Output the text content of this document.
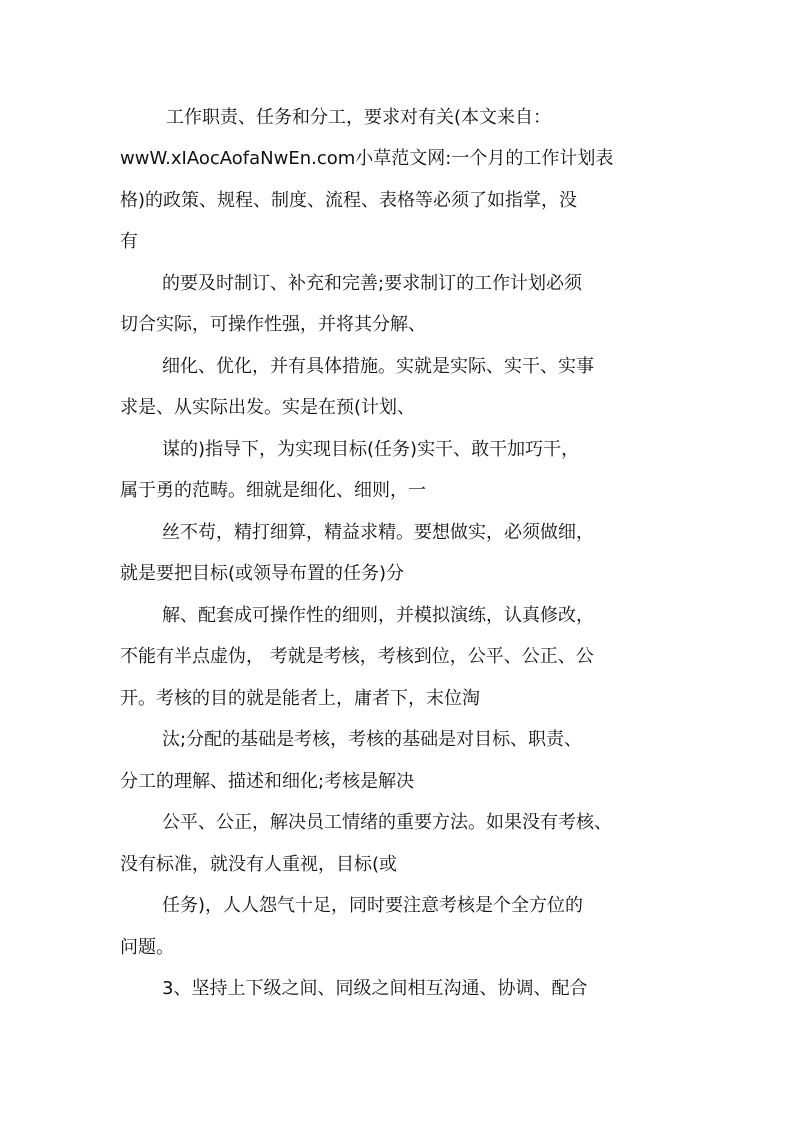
工作职责、任务和分工，要求对有关(本文来自：
wwW.xIAocAofaNwEn.com小草范文网:一个月的工作计划表
格)的政策、规程、制度、流程、表格等必须了如指掌，没
有
的要及时制订、补充和完善;要求制订的工作计划必须
切合实际，可操作性强，并将其分解、
细化、优化，并有具体措施。实就是实际、实干、实事
求是、从实际出发。实是在预(计划、
谋的)指导下，为实现目标(任务)实干、敢干加巧干，
属于勇的范畴。细就是细化、细则，一
丝不苟，精打细算，精益求精。要想做实，必须做细，
就是要把目标(或领导布置的任务)分
解、配套成可操作性的细则，并模拟演练，认真修改，
不能有半点虚伪， 考就是考核，考核到位，公平、公正、公
开。考核的目的就是能者上，庸者下，末位淘
汰;分配的基础是考核，考核的基础是对目标、职责、
分工的理解、描述和细化;考核是解决
公平、公正，解决员工情绪的重要方法。如果没有考核、
没有标准，就没有人重视，目标(或
任务)，人人怨气十足，同时要注意考核是个全方位的
问题。
3、坚持上下级之间、同级之间相互沟通、协调、配合
